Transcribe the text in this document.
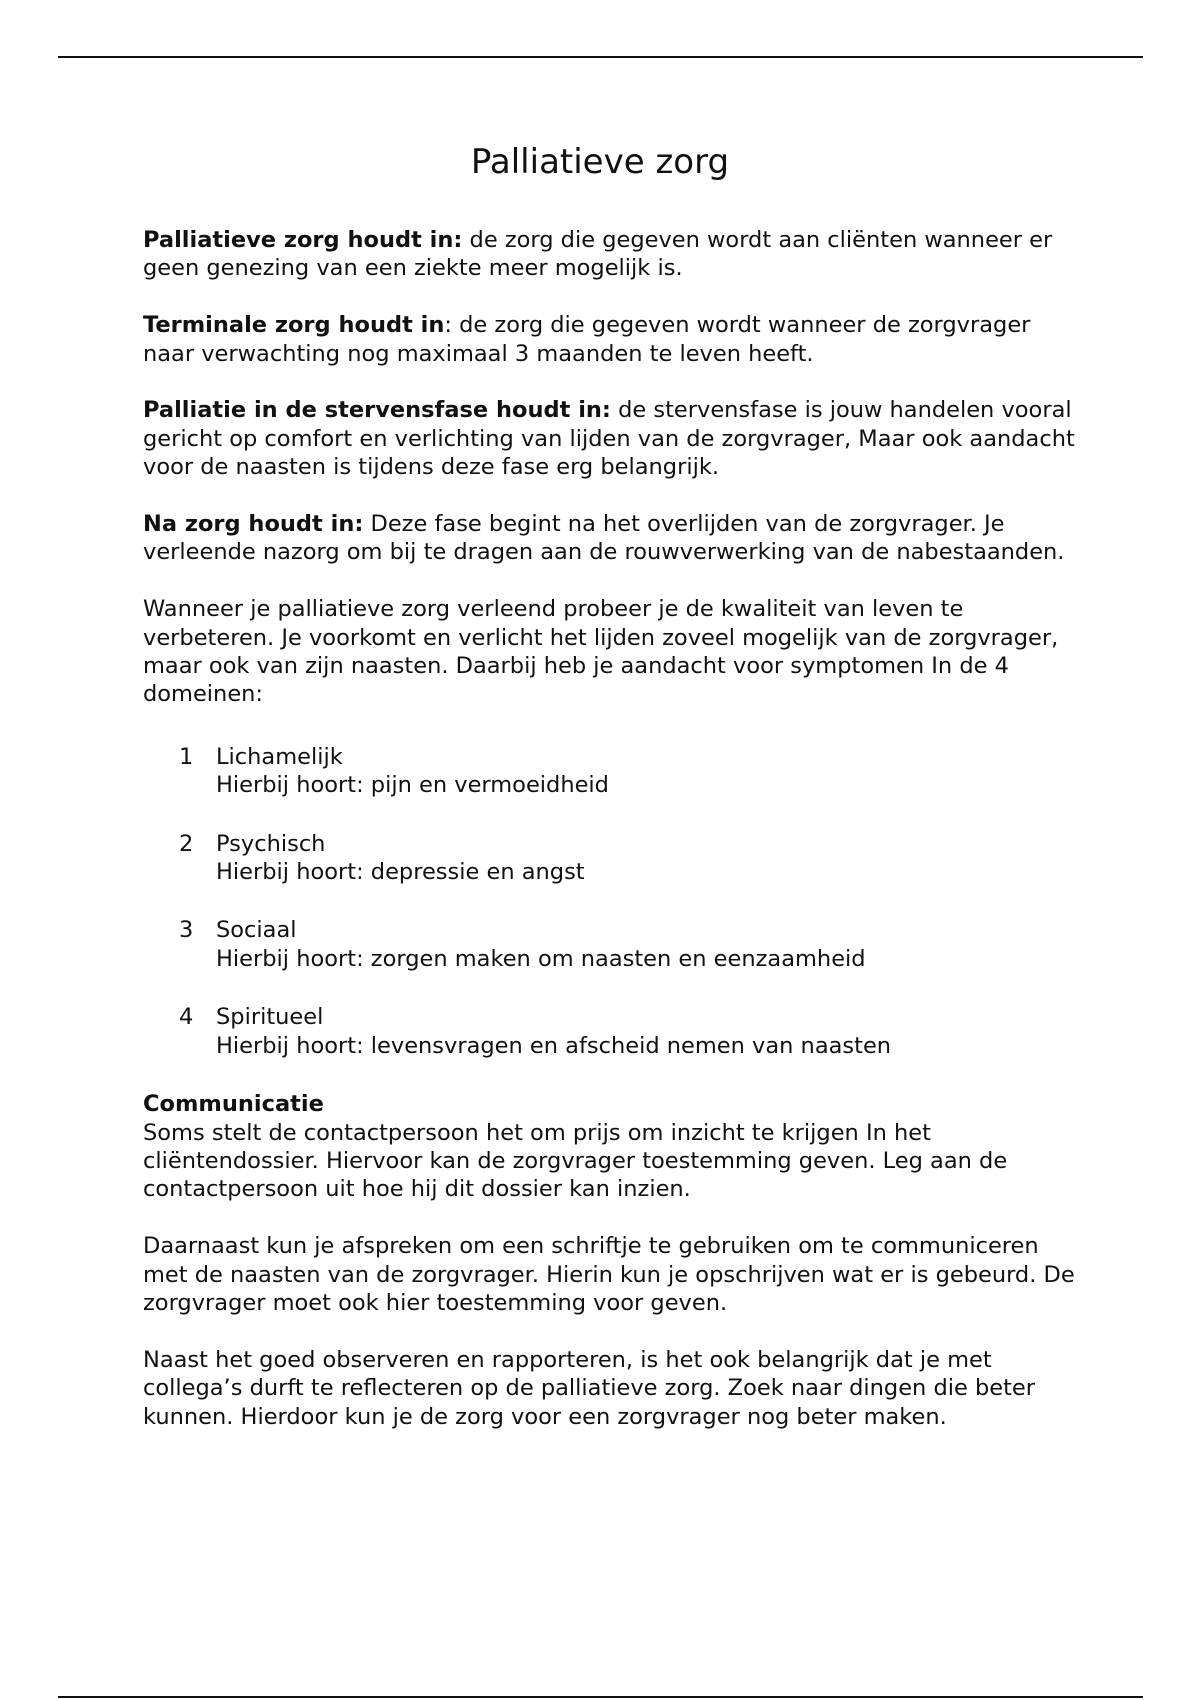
Palliatieve zorg

Palliatieve zorg houdt in: de zorg die gegeven wordt aan cliënten wanneer er geen genezing van een ziekte meer mogelijk is.

Terminale zorg houdt in: de zorg die gegeven wordt wanneer de zorgvrager naar verwachting nog maximaal 3 maanden te leven heeft.

Palliatie in de stervensfase houdt in: de stervensfase is jouw handelen vooral gericht op comfort en verlichting van lijden van de zorgvrager, Maar ook aandacht voor de naasten is tijdens deze fase erg belangrijk.

Na zorg houdt in: Deze fase begint na het overlijden van de zorgvrager. Je verleende nazorg om bij te dragen aan de rouwverwerking van de nabestaanden.

Wanneer je palliatieve zorg verleend probeer je de kwaliteit van leven te verbeteren. Je voorkomt en verlicht het lijden zoveel mogelijk van de zorgvrager, maar ook van zijn naasten. Daarbij heb je aandacht voor symptomen In de 4 domeinen:

1	Lichamelijk
Hierbij hoort: pijn en vermoeidheid
2	Psychisch
Hierbij hoort: depressie en angst
3	Sociaal
Hierbij hoort: zorgen maken om naasten en eenzaamheid
4	Spiritueel
Hierbij hoort: levensvragen en afscheid nemen van naasten

Communicatie

Soms stelt de contactpersoon het om prijs om inzicht te krijgen In het cliëntendossier. Hiervoor kan de zorgvrager toestemming geven. Leg aan de contactpersoon uit hoe hij dit dossier kan inzien.

Daarnaast kun je afspreken om een schriftje te gebruiken om te communiceren met de naasten van de zorgvrager. Hierin kun je opschrijven wat er is gebeurd. De zorgvrager moet ook hier toestemming voor geven.

Naast het goed observeren en rapporteren, is het ook belangrijk dat je met collega’s durft te reflecteren op de palliatieve zorg. Zoek naar dingen die beter kunnen. Hierdoor kun je de zorg voor een zorgvrager nog beter maken.
